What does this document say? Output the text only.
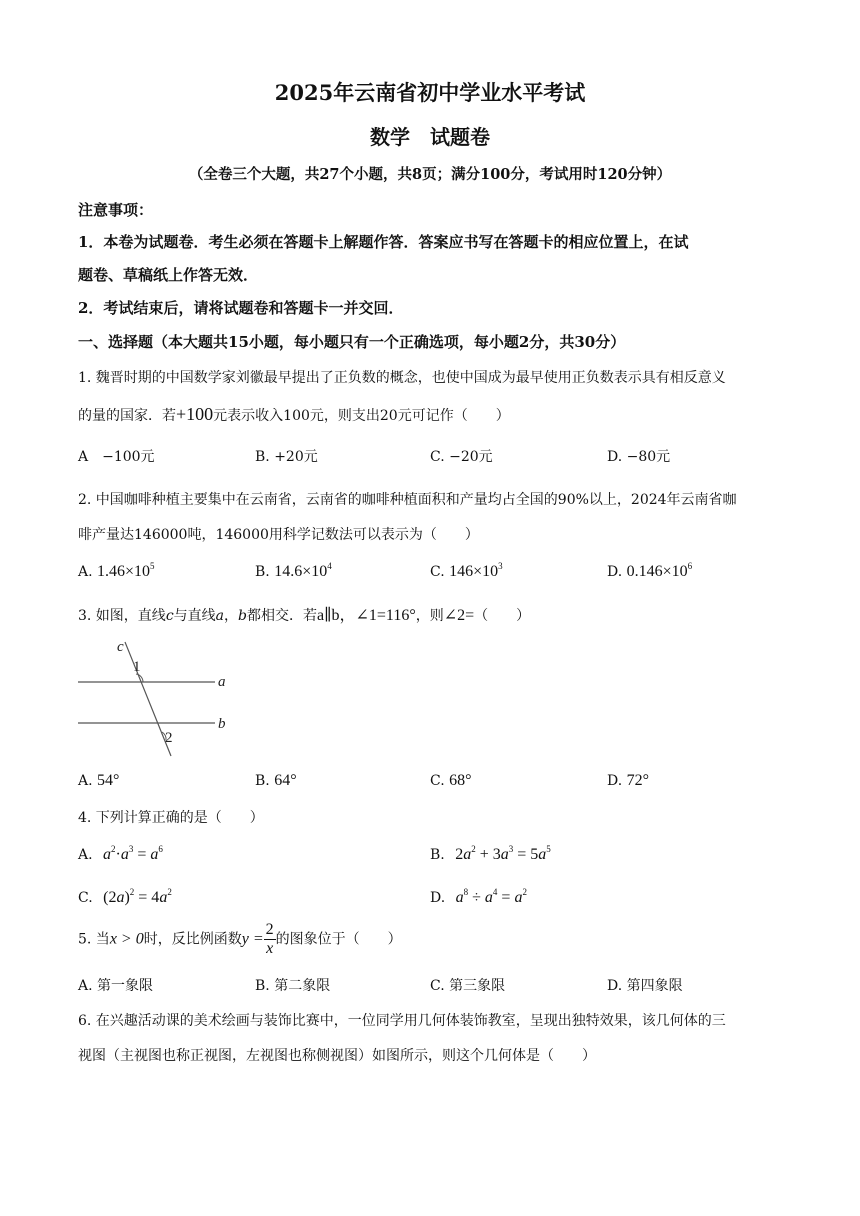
2025年云南省初中学业水平考试
数学　试题卷
（全卷三个大题，共27个小题，共8页；满分100分，考试用时120分钟）
注意事项：
1．本卷为试题卷．考生必须在答题卡上解题作答．答案应书写在答题卡的相应位置上，在试
题卷、草稿纸上作答无效．
2．考试结束后，请将试题卷和答题卡一并交回．
一、选择题（本大题共15小题，每小题只有一个正确选项，每小题2分，共30分）
1. 魏晋时期的中国数学家刘徽最早提出了正负数的概念，也使中国成为最早使用正负数表示具有相反意义
的量的国家．若+100元表示收入100元，则支出20元可记作（　　）
A　−100元	B. +20元	C. −20元	D. −80元
2. 中国咖啡种植主要集中在云南省，云南省的咖啡种植面积和产量均占全国的90%以上，2024年云南省咖
啡产量达146000吨，146000用科学记数法可以表示为（　　）
A. $1.46\times 10^5$	B. $14.6\times 10^4$	C. $146\times 10^3$	D. $0.146\times 10^6$
3. 如图，直线c与直线a，b都相交．若a∥b，∠1=116°，则∠2=（　　）
c
1
a
b
2
A. 54°	B. 64°	C. 68°	D. 72°
4. 下列计算正确的是（　　）
A. $a^2\cdot a^3 = a^6$	B. $2a^2 + 3a^3 = 5a^5$
C. $(2a)^2 = 4a^2$	D. $a^8 \div a^4 = a^2$
5. 当x > 0时，反比例函数$y = \frac{2}{x}$ 的图象位于（　　）
A. 第一象限	B. 第二象限	C. 第三象限	D. 第四象限
6. 在兴趣活动课的美术绘画与装饰比赛中，一位同学用几何体装饰教室，呈现出独特效果，该几何体的三
视图（主视图也称正视图，左视图也称侧视图）如图所示，则这个几何体是（　　）
